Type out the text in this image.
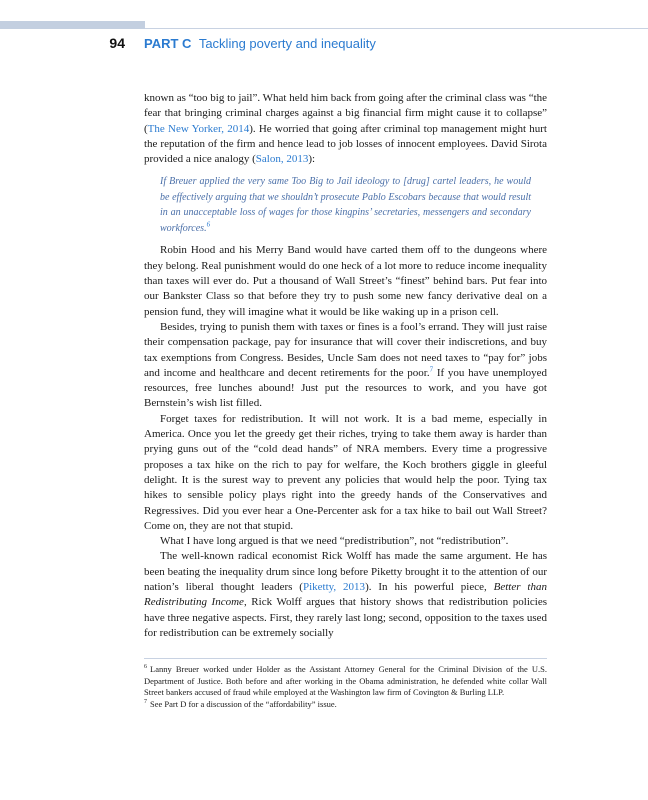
94 PART C Tackling poverty and inequality

known as “too big to jail”. What held him back from going after the criminal class was “the fear that bringing criminal charges against a big financial firm might cause it to collapse” (The New Yorker, 2014). He worried that going after criminal top management might hurt the reputation of the firm and hence lead to job losses of innocent employees. David Sirota provided a nice analogy (Salon, 2013):

If Breuer applied the very same Too Big to Jail ideology to [drug] cartel leaders, he would be effectively arguing that we shouldn’t prosecute Pablo Escobars because that would result in an unacceptable loss of wages for those kingpins’ secretaries, messengers and secondary workforces.$^6$

Robin Hood and his Merry Band would have carted them off to the dungeons where they belong. Real punishment would do one heck of a lot more to reduce income inequality than taxes will ever do. Put a thousand of Wall Street’s “finest” behind bars. Put fear into our Bankster Class so that before they try to push some new fancy derivative deal on a pension fund, they will imagine what it would be like waking up in a prison cell.

Besides, trying to punish them with taxes or fines is a fool’s errand. They will just raise their compensation package, pay for insurance that will cover their indiscretions, and buy tax exemptions from Congress. Besides, Uncle Sam does not need taxes to “pay for” jobs and income and healthcare and decent retirements for the poor.$^7$ If you have unemployed resources, free lunches abound! Just put the resources to work, and you have got Bernstein’s wish list filled.

Forget taxes for redistribution. It will not work. It is a bad meme, especially in America. Once you let the greedy get their riches, trying to take them away is harder than prying guns out of the “cold dead hands” of NRA members. Every time a progressive proposes a tax hike on the rich to pay for welfare, the Koch brothers giggle in gleeful delight. It is the surest way to prevent any policies that would help the poor. Tying tax hikes to sensible policy plays right into the greedy hands of the Conservatives and Regressives. Did you ever hear a One-Percenter ask for a tax hike to bail out Wall Street? Come on, they are not that stupid.

What I have long argued is that we need “predistribution”, not “redistribution”.

The well-known radical economist Rick Wolff has made the same argument. He has been beating the inequality drum since long before Piketty brought it to the attention of our nation’s liberal thought leaders (Piketty, 2013). In his powerful piece, Better than Redistributing Income, Rick Wolff argues that history shows that redistribution policies have three negative aspects. First, they rarely last long; second, opposition to the taxes used for redistribution can be extremely socially

$^6$ Lanny Breuer worked under Holder as the Assistant Attorney General for the Criminal Division of the U.S. Department of Justice. Both before and after working in the Obama administration, he defended white collar Wall Street bankers accused of fraud while employed at the Washington law firm of Covington & Burling LLP.

$^7$ See Part D for a discussion of the “affordability” issue.
